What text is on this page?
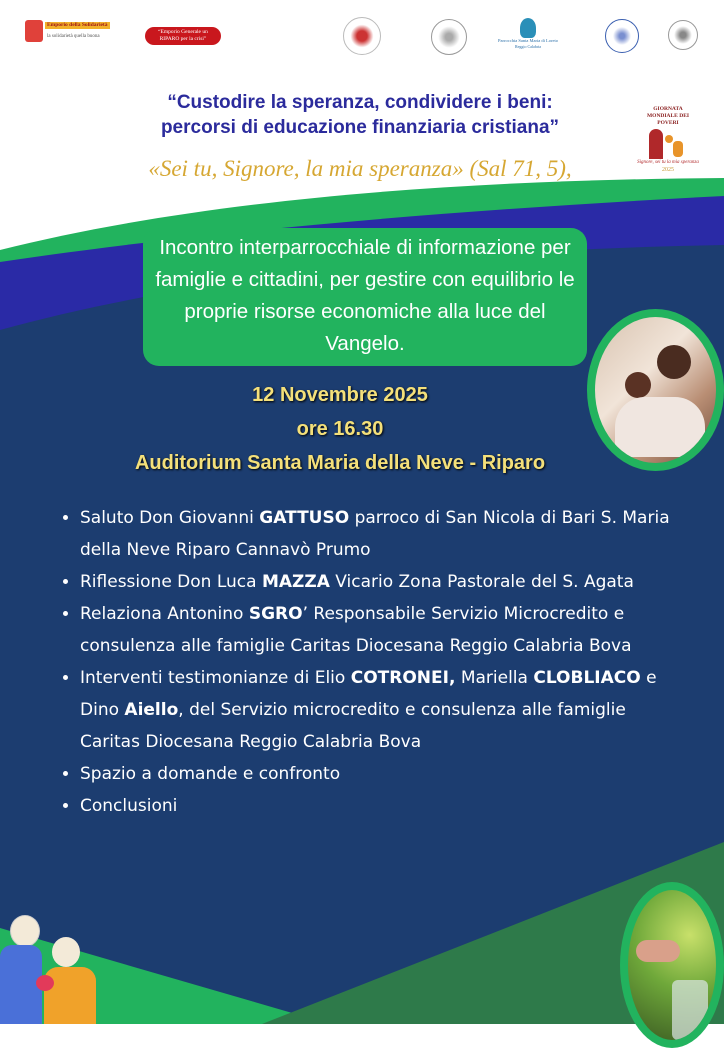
Emporio della Solidarietà
la solidarietà quella buona
“Emporio Generale un RIPARO per la crisi”	Parrocchia Santa Maria di Loreto
Reggio Calabria
“Custodire la speranza, condividere i beni:
percorsi di educazione finanziaria cristiana”
«Sei tu, Signore, la mia speranza» (Sal 71, 5),
GIORNATA MONDIALE DEI POVERI
Signore, sei tu la mia speranza
2025
Incontro interparrocchiale di informazione per famiglie e cittadini, per gestire con equilibrio le proprie risorse economiche alla luce del Vangelo.
12 Novembre 2025
ore 16.30
Auditorium Santa Maria della Neve - Riparo
• Saluto Don Giovanni GATTUSO parroco di San Nicola di Bari S. Maria della Neve Riparo Cannavò Prumo
• Riflessione Don Luca MAZZA Vicario Zona Pastorale del S. Agata
• Relaziona Antonino SGRO’ Responsabile Servizio Microcredito e consulenza alle famiglie Caritas Diocesana Reggio Calabria Bova
• Interventi testimonianze di Elio COTRONEI, Mariella CLOBLIACO e Dino Aiello, del Servizio microcredito e consulenza alle famiglie Caritas Diocesana Reggio Calabria Bova
• Spazio a domande e confronto
• Conclusioni
